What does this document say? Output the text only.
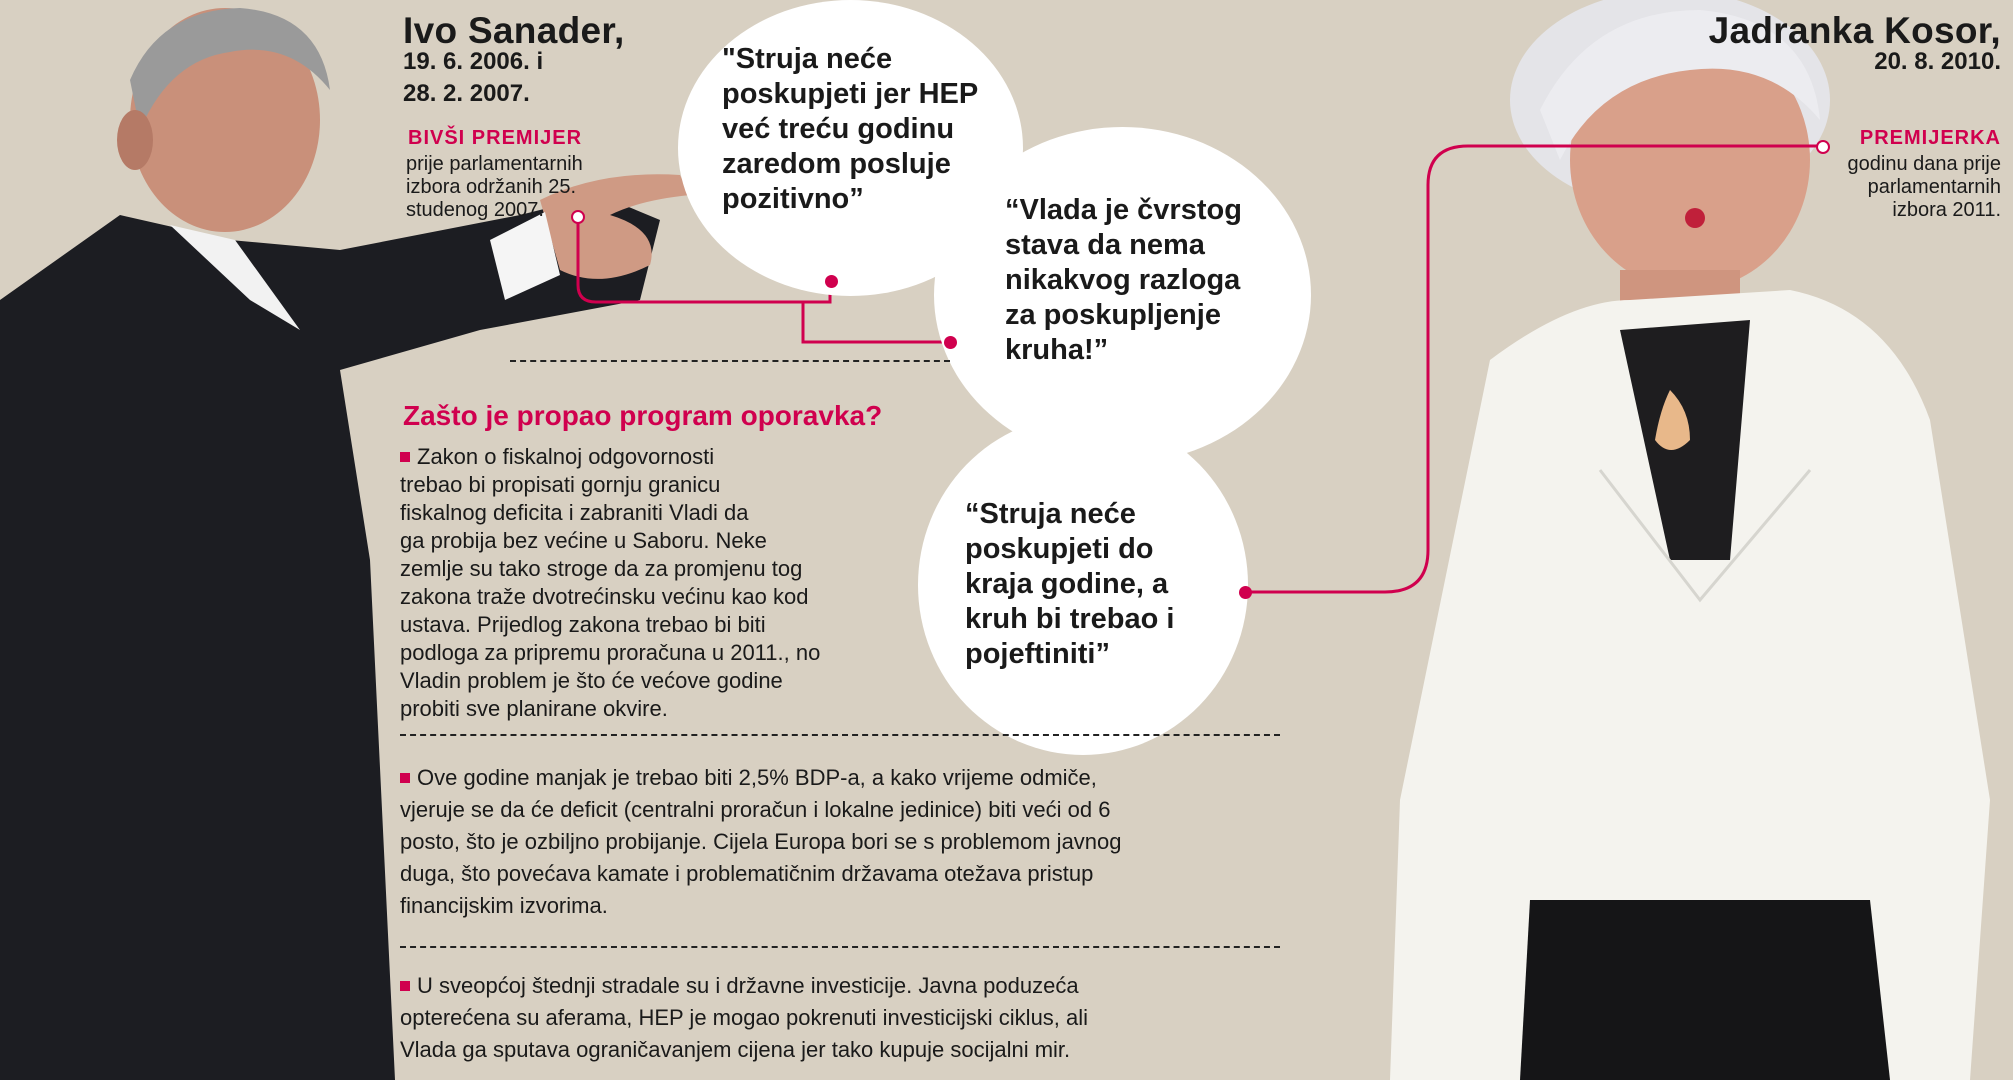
Ivo Sanader,
19. 6. 2006. i
28. 2. 2007.
BIVŠI PREMIJER
prije parlamentarnih
izbora održanih 25.
studenog 2007.
Jadranka Kosor,
20. 8. 2010.
PREMIJERKA
godinu dana prije
parlamentarnih
izbora 2011.
"Struja neće
poskupjeti jer HEP
već treću godinu
zaredom posluje
pozitivno”	“Vlada je čvrstog
stava da nema
nikakvog razloga
za poskupljenje
kruha!”
“Struja neće
poskupjeti do
kraja godine, a
kruh bi trebao i
pojeftiniti”
Zašto je propao program oporavka?

Zakon o fiskalnoj odgovornosti

trebao bi propisati gornju granicu

fiskalnog deficita i zabraniti Vladi da

ga probija bez većine u Saboru. Neke

zemlje su tako stroge da za promjenu tog

zakona traže dvotrećinsku većinu kao kod

ustava. Prijedlog zakona trebao bi biti

podloga za pripremu proračuna u 2011., no

Vladin problem je što će većove godine

probiti sve planirane okvire.

Ove godine manjak je trebao biti 2,5% BDP-a, a kako vrijeme odmiče,

vjeruje se da će deficit (centralni proračun i lokalne jedinice) biti veći od 6

posto, što je ozbiljno probijanje. Cijela Europa bori se s problemom javnog

duga, što povećava kamate i problematičnim državama otežava pristup

financijskim izvorima.

U sveopćoj štednji stradale su i državne investicije. Javna poduzeća

opterećena su aferama, HEP je mogao pokrenuti investicijski ciklus, ali

Vlada ga sputava ograničavanjem cijena jer tako kupuje socijalni mir.
